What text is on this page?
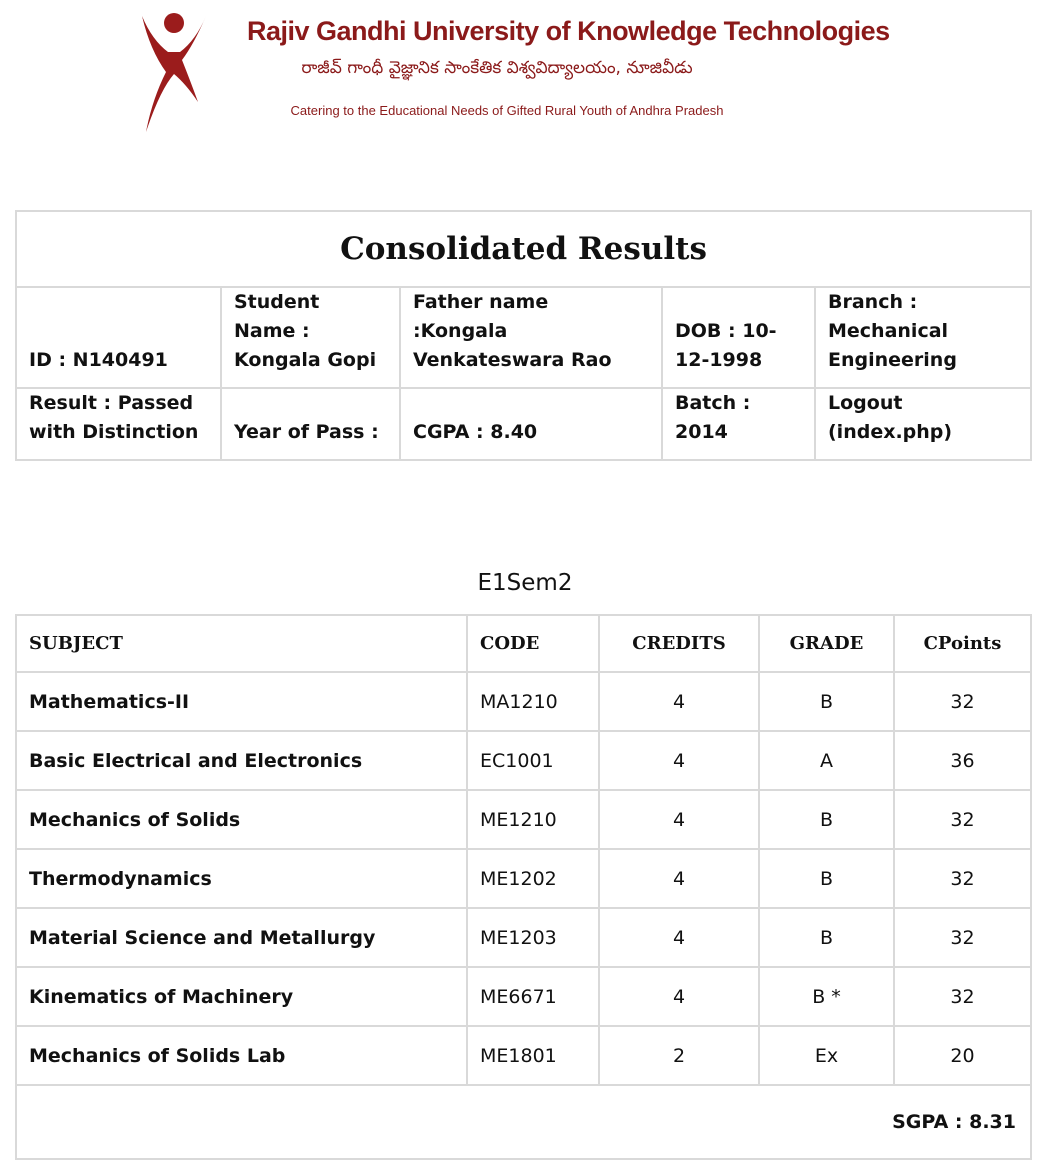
Rajiv Gandhi University of Knowledge Technologies
రాజీవ్ గాంధీ వైజ్ఞానిక సాంకేతిక విశ్వవిద్యాలయం, నూజివీడు
Catering to the Educational Needs of Gifted Rural Youth of Andhra Pradesh
Consolidated Results				
ID : N140491	Student Name : Kongala Gopi	Father name :Kongala Venkateswara Rao	DOB : 10-12-1998	Branch : Mechanical Engineering
Result : Passed with Distinction	Year of Pass :	CGPA : 8.40	Batch : 2014	Logout (index.php)
E1Sem2
SUBJECT	CODE	CREDITS	GRADE	CPoints
Mathematics-II	MA1210	4	B	32
Basic Electrical and Electronics	EC1001	4	A	36
Mechanics of Solids	ME1210	4	B	32
Thermodynamics	ME1202	4	B	32
Material Science and Metallurgy	ME1203	4	B	32
Kinematics of Machinery	ME6671	4	B *	32
Mechanics of Solids Lab	ME1801	2	Ex	20
SGPA : 8.31				
